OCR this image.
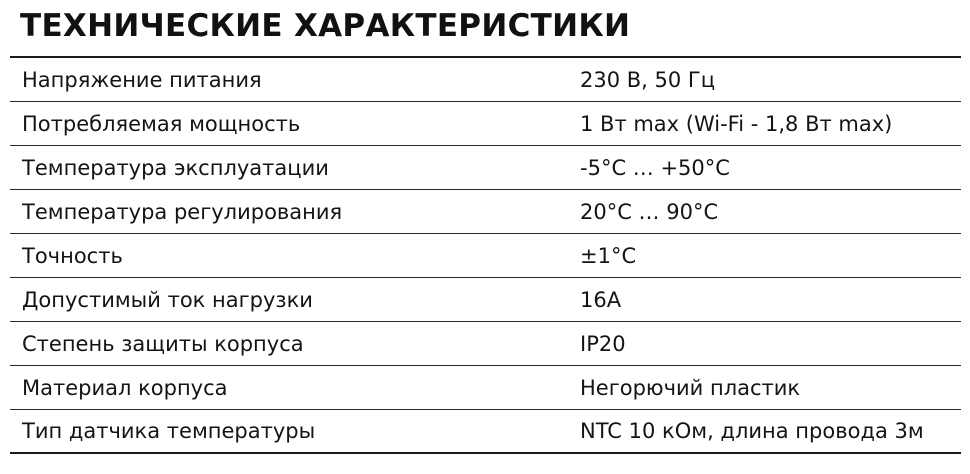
ТЕХНИЧЕСКИЕ ХАРАКТЕРИСТИКИ
Напряжение питания	230 В, 50 Гц
Потребляемая мощность	1 Вт max (Wi-Fi - 1,8 Вт max)
Температура эксплуатации	-5°C … +50°C
Температура регулирования	20°C … 90°C
Точность	±1°C
Допустимый ток нагрузки	16A
Степень защиты корпуса	IP20
Материал корпуса	Негорючий пластик
Тип датчика температуры	NTC 10 кОм, длина провода 3м
